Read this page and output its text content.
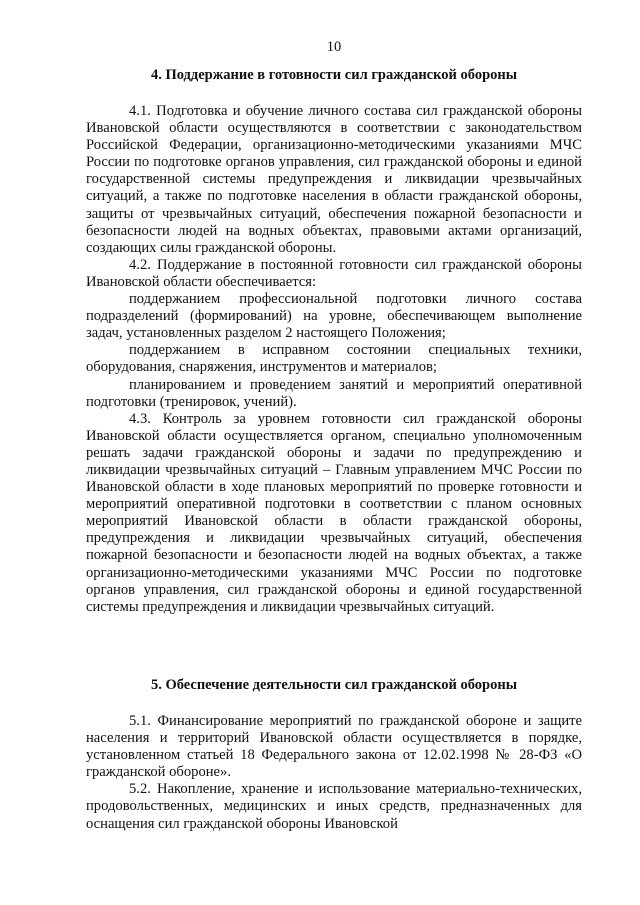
10
4. Поддержание в готовности сил гражданской обороны

4.1. Подготовка и обучение личного состава сил гражданской обороны Ивановской области осуществляются в соответствии с законодательством Российской Федерации, организационно-методическими указаниями МЧС России по подготовке органов управления, сил гражданской обороны и единой государственной системы предупреждения и ликвидации чрезвычайных ситуаций, а также по подготовке населения в области гражданской обороны, защиты от чрезвычайных ситуаций, обеспечения пожарной безопасности и безопасности людей на водных объектах, правовыми актами организаций, создающих силы гражданской обороны.

4.2. Поддержание в постоянной готовности сил гражданской обороны Ивановской области обеспечивается:

поддержанием профессиональной подготовки личного состава подразделений (формирований) на уровне, обеспечивающем выполнение задач, установленных разделом 2 настоящего Положения;

поддержанием в исправном состоянии специальных техники, оборудования, снаряжения, инструментов и материалов;

планированием и проведением занятий и мероприятий оперативной подготовки (тренировок, учений).

4.3. Контроль за уровнем готовности сил гражданской обороны Ивановской области осуществляется органом, специально уполномоченным решать задачи гражданской обороны и задачи по предупреждению и ликвидации чрезвычайных ситуаций – Главным управлением МЧС России по Ивановской области в ходе плановых мероприятий по проверке готовности и мероприятий оперативной подготовки в соответствии с планом основных мероприятий Ивановской области в области гражданской обороны, предупреждения и ликвидации чрезвычайных ситуаций, обеспечения пожарной безопасности и безопасности людей на водных объектах, а также организационно-методическими указаниями МЧС России по подготовке органов управления, сил гражданской обороны и единой государственной системы предупреждения и ликвидации чрезвычайных ситуаций.

5. Обеспечение деятельности сил гражданской обороны

5.1. Финансирование мероприятий по гражданской обороне и защите населения и территорий Ивановской области осуществляется в порядке, установленном статьей 18 Федерального закона от 12.02.1998 № 28-ФЗ «О гражданской обороне».

5.2. Накопление, хранение и использование материально-технических, продовольственных, медицинских и иных средств, предназначенных для оснащения сил гражданской обороны Ивановской
